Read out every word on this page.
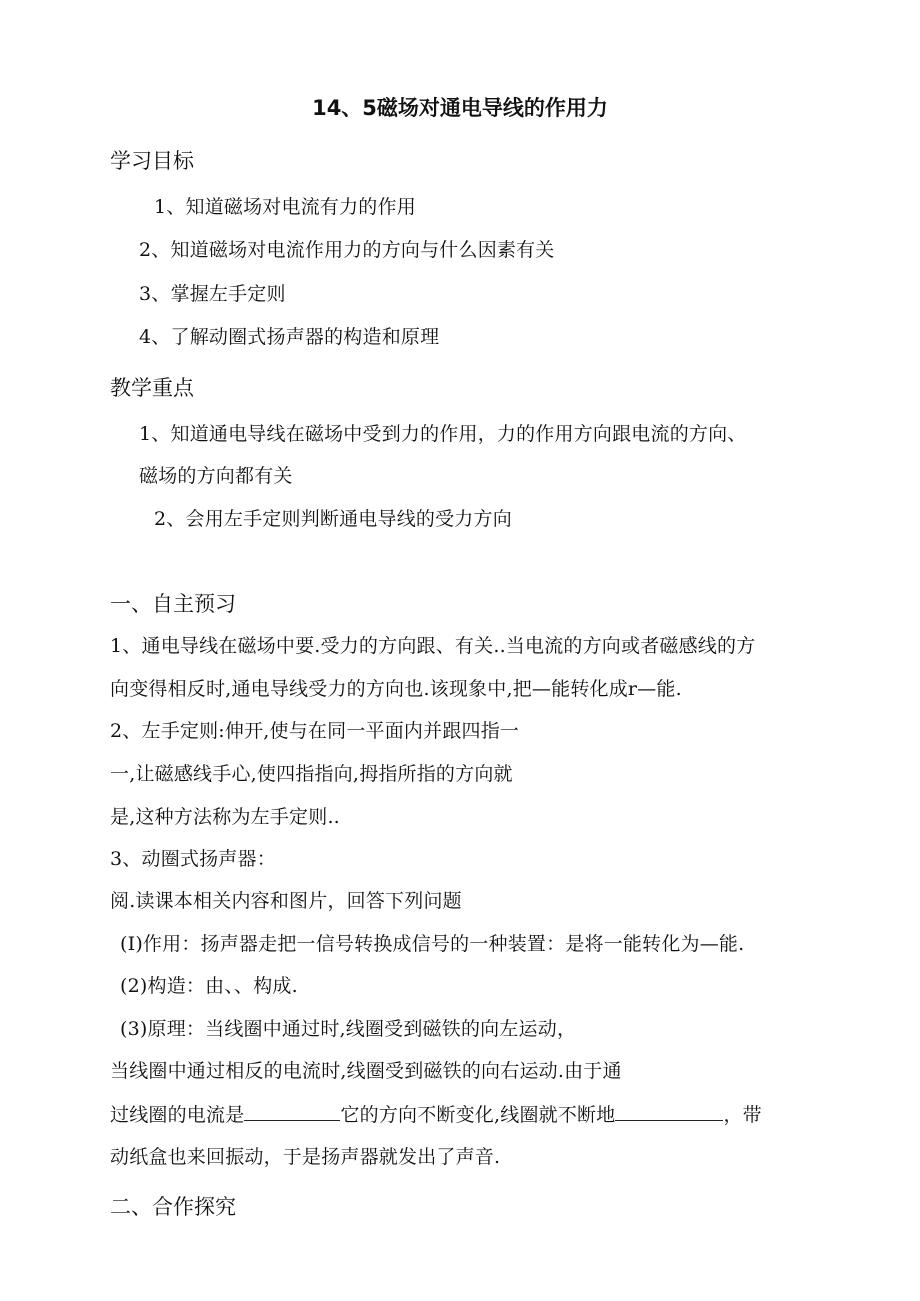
14、5磁场对通电导线的作用力
学习目标
1、知道磁场对电流有力的作用
2、知道磁场对电流作用力的方向与什么因素有关
3、掌握左手定则
4、了解动圈式扬声器的构造和原理
教学重点
1、知道通电导线在磁场中受到力的作用，力的作用方向跟电流的方向、
磁场的方向都有关
2、会用左手定则判断通电导线的受力方向
一、自主预习
1、通电导线在磁场中要.受力的方向跟、有关..当电流的方向或者磁感线的方
向变得相反时,通电导线受力的方向也.该现象中,把—能转化成r—能.
2、左手定则:伸开,使与在同一平面内并跟四指一
一,让磁感线手心,使四指指向,拇指所指的方向就
是,这种方法称为左手定则..
3、动圈式扬声器：
阅.读课本相关内容和图片，回答下列问题
(I)作用：扬声器走把一信号转换成信号的一种装置：是将一能转化为—能.
(2)构造：由、、构成.
(3)原理：当线圈中通过时,线圈受到磁铁的向左运动，
当线圈中通过相反的电流时,线圈受到磁铁的向右运动.由于通
过线圈的电流是	它的方向不断变化,线圈就不断地	，带
动纸盒也来回振动，于是扬声器就发出了声音.
二、合作探究
